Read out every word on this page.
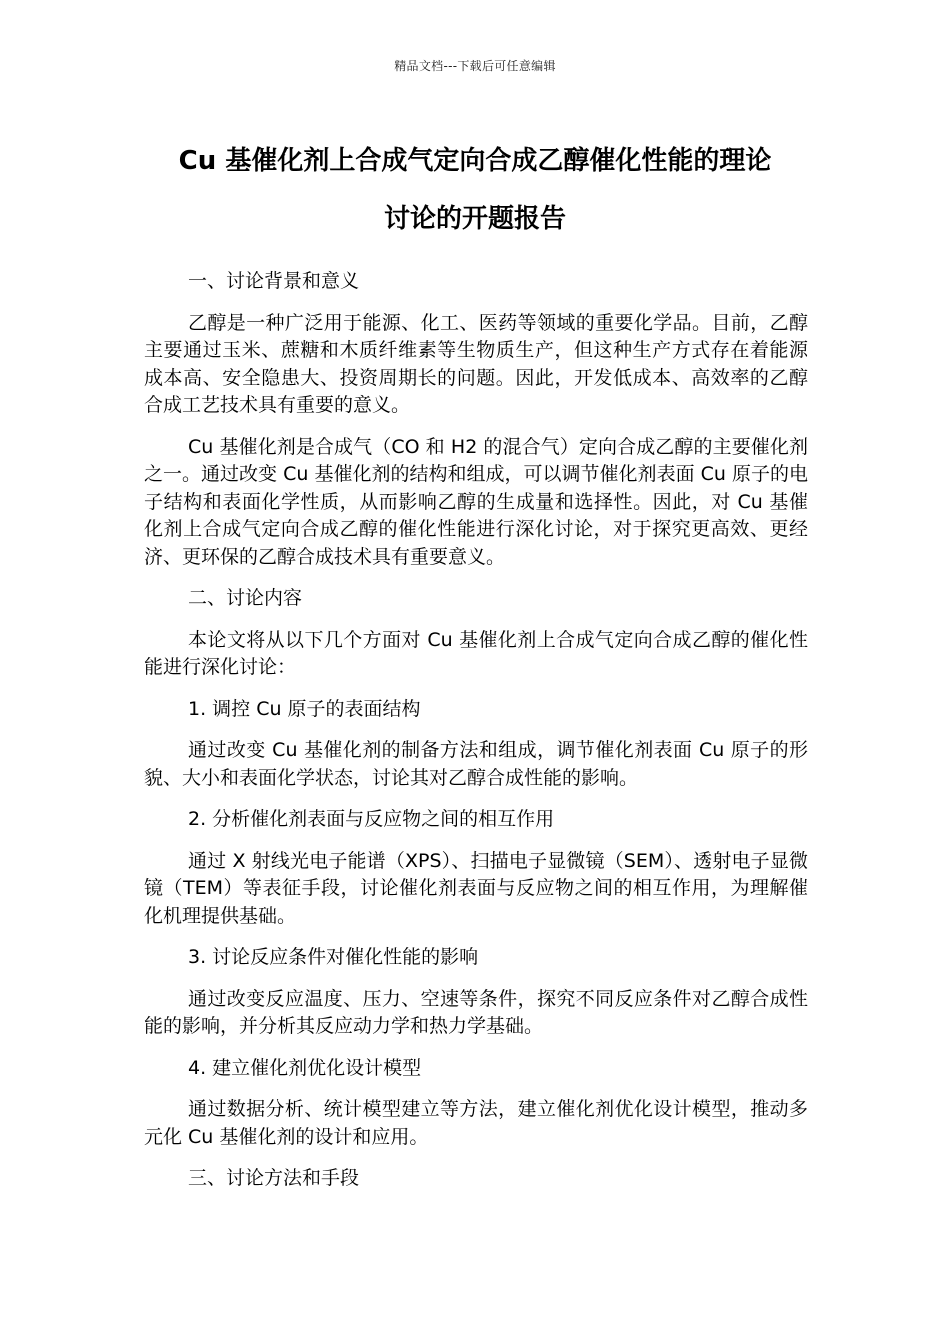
精品文档---下载后可任意编辑
Cu 基催化剂上合成气定向合成乙醇催化性能的理论
讨论的开题报告

一、讨论背景和意义

乙醇是一种广泛用于能源、化工、医药等领域的重要化学品。目前，乙醇主要通过玉米、蔗糖和木质纤维素等生物质生产，但这种生产方式存在着能源成本高、安全隐患大、投资周期长的问题。因此，开发低成本、高效率的乙醇合成工艺技术具有重要的意义。

Cu 基催化剂是合成气（CO 和 H2 的混合气）定向合成乙醇的主要催化剂之一。通过改变 Cu 基催化剂的结构和组成，可以调节催化剂表面 Cu 原子的电子结构和表面化学性质，从而影响乙醇的生成量和选择性。因此，对 Cu 基催化剂上合成气定向合成乙醇的催化性能进行深化讨论，对于探究更高效、更经济、更环保的乙醇合成技术具有重要意义。

二、讨论内容

本论文将从以下几个方面对 Cu 基催化剂上合成气定向合成乙醇的催化性能进行深化讨论：

1. 调控 Cu 原子的表面结构

通过改变 Cu 基催化剂的制备方法和组成，调节催化剂表面 Cu 原子的形貌、大小和表面化学状态，讨论其对乙醇合成性能的影响。

2. 分析催化剂表面与反应物之间的相互作用

通过 X 射线光电子能谱（XPS）、扫描电子显微镜（SEM）、透射电子显微镜（TEM）等表征手段，讨论催化剂表面与反应物之间的相互作用，为理解催化机理提供基础。

3. 讨论反应条件对催化性能的影响

通过改变反应温度、压力、空速等条件，探究不同反应条件对乙醇合成性能的影响，并分析其反应动力学和热力学基础。

4. 建立催化剂优化设计模型

通过数据分析、统计模型建立等方法，建立催化剂优化设计模型，推动多元化 Cu 基催化剂的设计和应用。

三、讨论方法和手段
